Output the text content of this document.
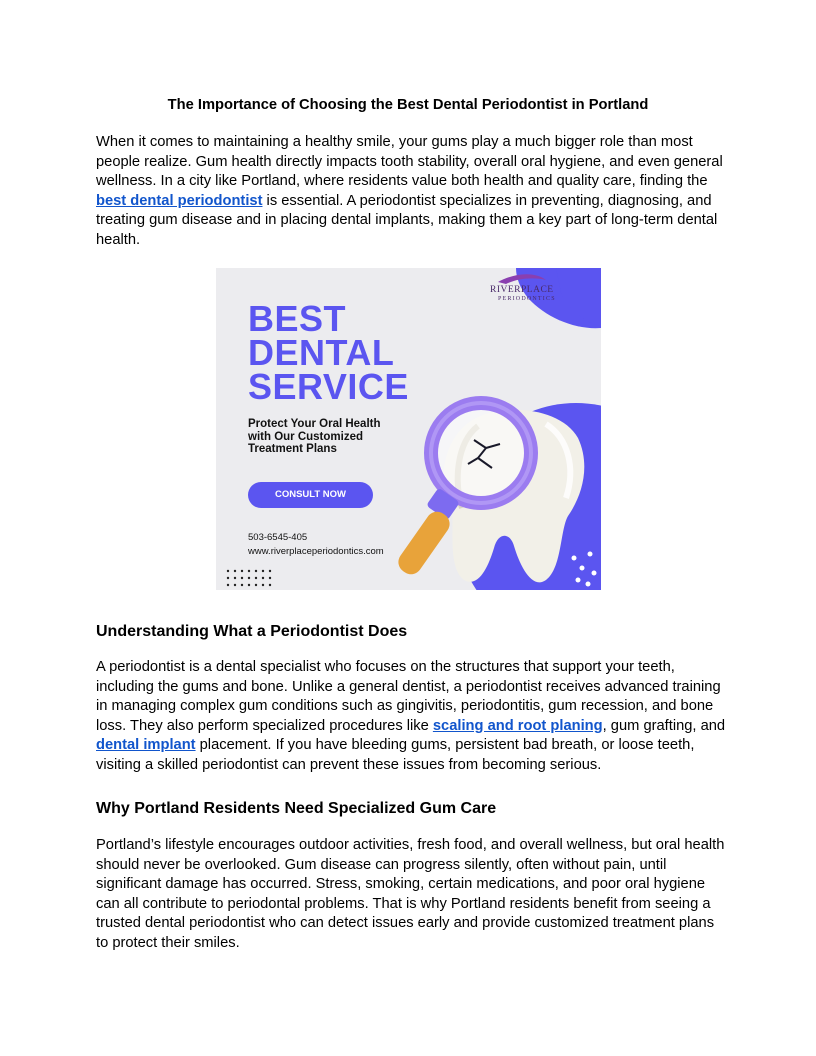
The Importance of Choosing the Best Dental Periodontist in Portland

When it comes to maintaining a healthy smile, your gums play a much bigger role than most people realize. Gum health directly impacts tooth stability, overall oral hygiene, and even general wellness. In a city like Portland, where residents value both health and quality care, finding the best dental periodontist is essential. A periodontist specializes in preventing, diagnosing, and treating gum disease and in placing dental implants, making them a key part of long-term dental health.

Understanding What a Periodontist Does

A periodontist is a dental specialist who focuses on the structures that support your teeth, including the gums and bone. Unlike a general dentist, a periodontist receives advanced training in managing complex gum conditions such as gingivitis, periodontitis, gum recession, and bone loss. They also perform specialized procedures like scaling and root planing, gum grafting, and dental implant placement. If you have bleeding gums, persistent bad breath, or loose teeth, visiting a skilled periodontist can prevent these issues from becoming serious.

Why Portland Residents Need Specialized Gum Care

Portland’s lifestyle encourages outdoor activities, fresh food, and overall wellness, but oral health should never be overlooked. Gum disease can progress silently, often without pain, until significant damage has occurred. Stress, smoking, certain medications, and poor oral hygiene can all contribute to periodontal problems. That is why Portland residents benefit from seeing a trusted dental periodontist who can detect issues early and provide customized treatment plans to protect their smiles.

RIVERPLACE
PERIODONTICS
BEST
DENTAL
SERVICE
Protect Your Oral Health
with Our Customized
Treatment Plans
CONSULT NOW
503-6545-405
www.riverplaceperiodontics.com
